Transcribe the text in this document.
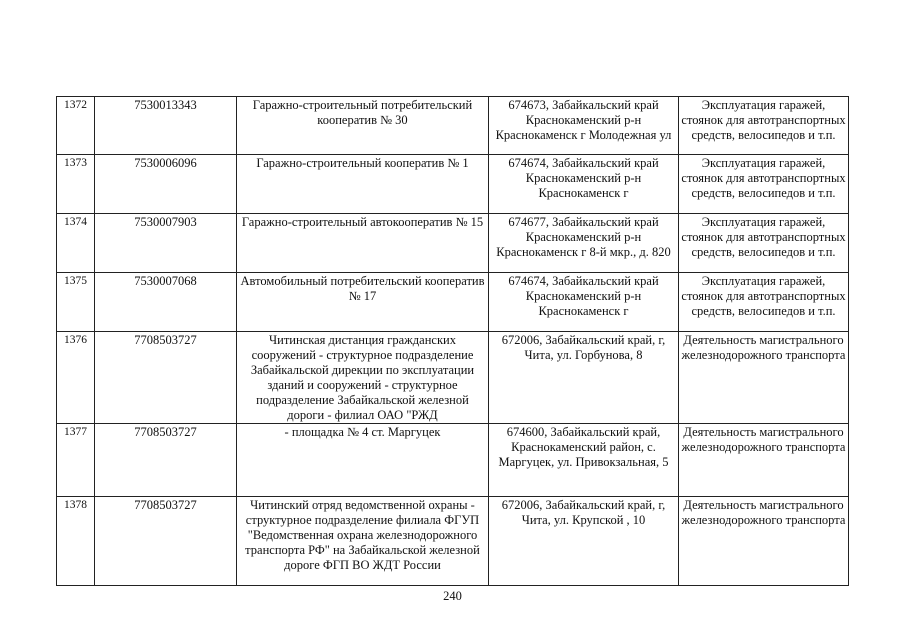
1372	7530013343	Гаражно-строительный потребительский кооператив № 30	674673, Забайкальский край Краснокаменский р-н Краснокаменск г Молодежная ул	Эксплуатация гаражей, стоянок для автотранспортных средств, велосипедов и т.п.
1373	7530006096	Гаражно-строительный кооператив № 1	674674, Забайкальский край Краснокаменский р-н Краснокаменск г	Эксплуатация гаражей, стоянок для автотранспортных средств, велосипедов и т.п.
1374	7530007903	Гаражно-строительный автокооператив № 15	674677, Забайкальский край Краснокаменский р-н Краснокаменск г 8-й мкр., д. 820	Эксплуатация гаражей, стоянок для автотранспортных средств, велосипедов и т.п.
1375	7530007068	Автомобильный потребительский кооператив № 17	674674, Забайкальский край Краснокаменский р-н Краснокаменск г	Эксплуатация гаражей, стоянок для автотранспортных средств, велосипедов и т.п.
1376	7708503727	Читинская дистанция гражданских сооружений - структурное подразделение Забайкальской дирекции по эксплуатации зданий и сооружений - структурное подразделение Забайкальской железной дороги - филиал ОАО "РЖД	672006, Забайкальский край, г, Чита, ул. Горбунова, 8	Деятельность магистрального железнодорожного транспорта
1377	7708503727	- площадка № 4 ст. Маргуцек	674600, Забайкальский край, Краснокаменский район, с. Маргуцек, ул. Привокзальная, 5	Деятельность магистрального железнодорожного транспорта
1378	7708503727	Читинский отряд ведомственной охраны - структурное подразделение филиала ФГУП "Ведомственная охрана железнодорожного транспорта РФ" на Забайкальской железной дороге ФГП ВО ЖДТ России	672006, Забайкальский край, г, Чита, ул. Крупской , 10	Деятельность магистрального железнодорожного транспорта
240
